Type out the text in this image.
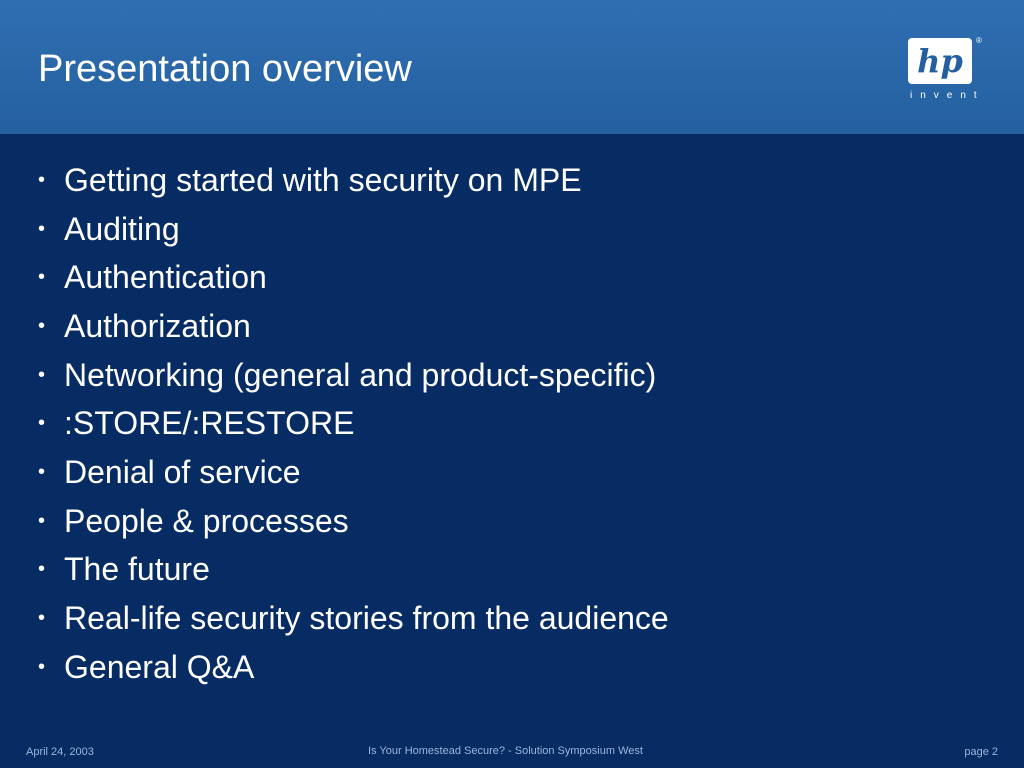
Presentation overview	hp
®
invent
• Getting started with security on MPE
• Auditing
• Authentication
• Authorization
• Networking (general and product-specific)
• :STORE/:RESTORE
• Denial of service
• People & processes
• The future
• Real-life security stories from the audience
• General Q&A
April 24, 2003	Is Your Homestead Secure? - Solution Symposium West	page 2
